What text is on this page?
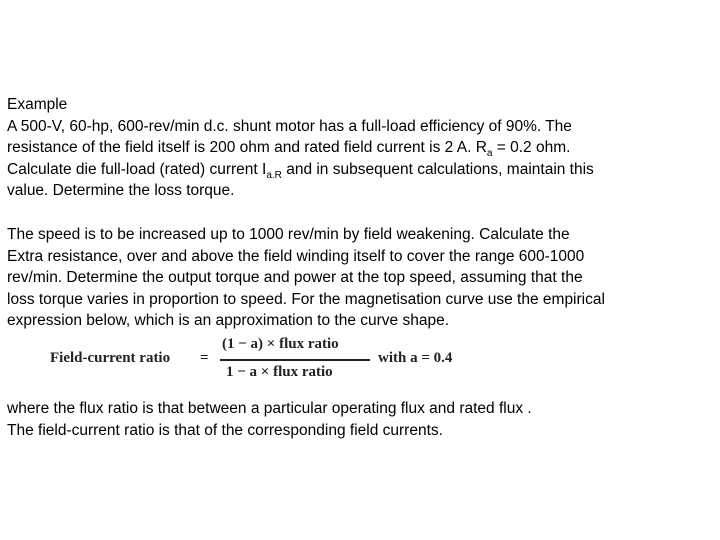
Example
A 500-V, 60-hp, 600-rev/min d.c. shunt motor has a full-load efficiency of 90%. The
resistance of the field itself is 200 ohm and rated field current is 2 A. $R_a = 0.2$ ohm.
Calculate die full-load (rated) current $I_{a.R}$ and in subsequent calculations, maintain this
value. Determine the loss torque.
The speed is to be increased up to 1000 rev/min by field weakening. Calculate the
Extra resistance, over and above the field winding itself to cover the range 600-1000
rev/min. Determine the output torque and power at the top speed, assuming that the
loss torque varies in proportion to speed. For the magnetisation curve use the empirical
expression below, which is an approximation to the curve shape.
Field-current ratio =
(1 − a) × flux ratio
1 − a × flux ratio
with a = 0.4
where the flux ratio is that between a particular operating flux and rated flux .
The field-current ratio is that of the corresponding field currents.
